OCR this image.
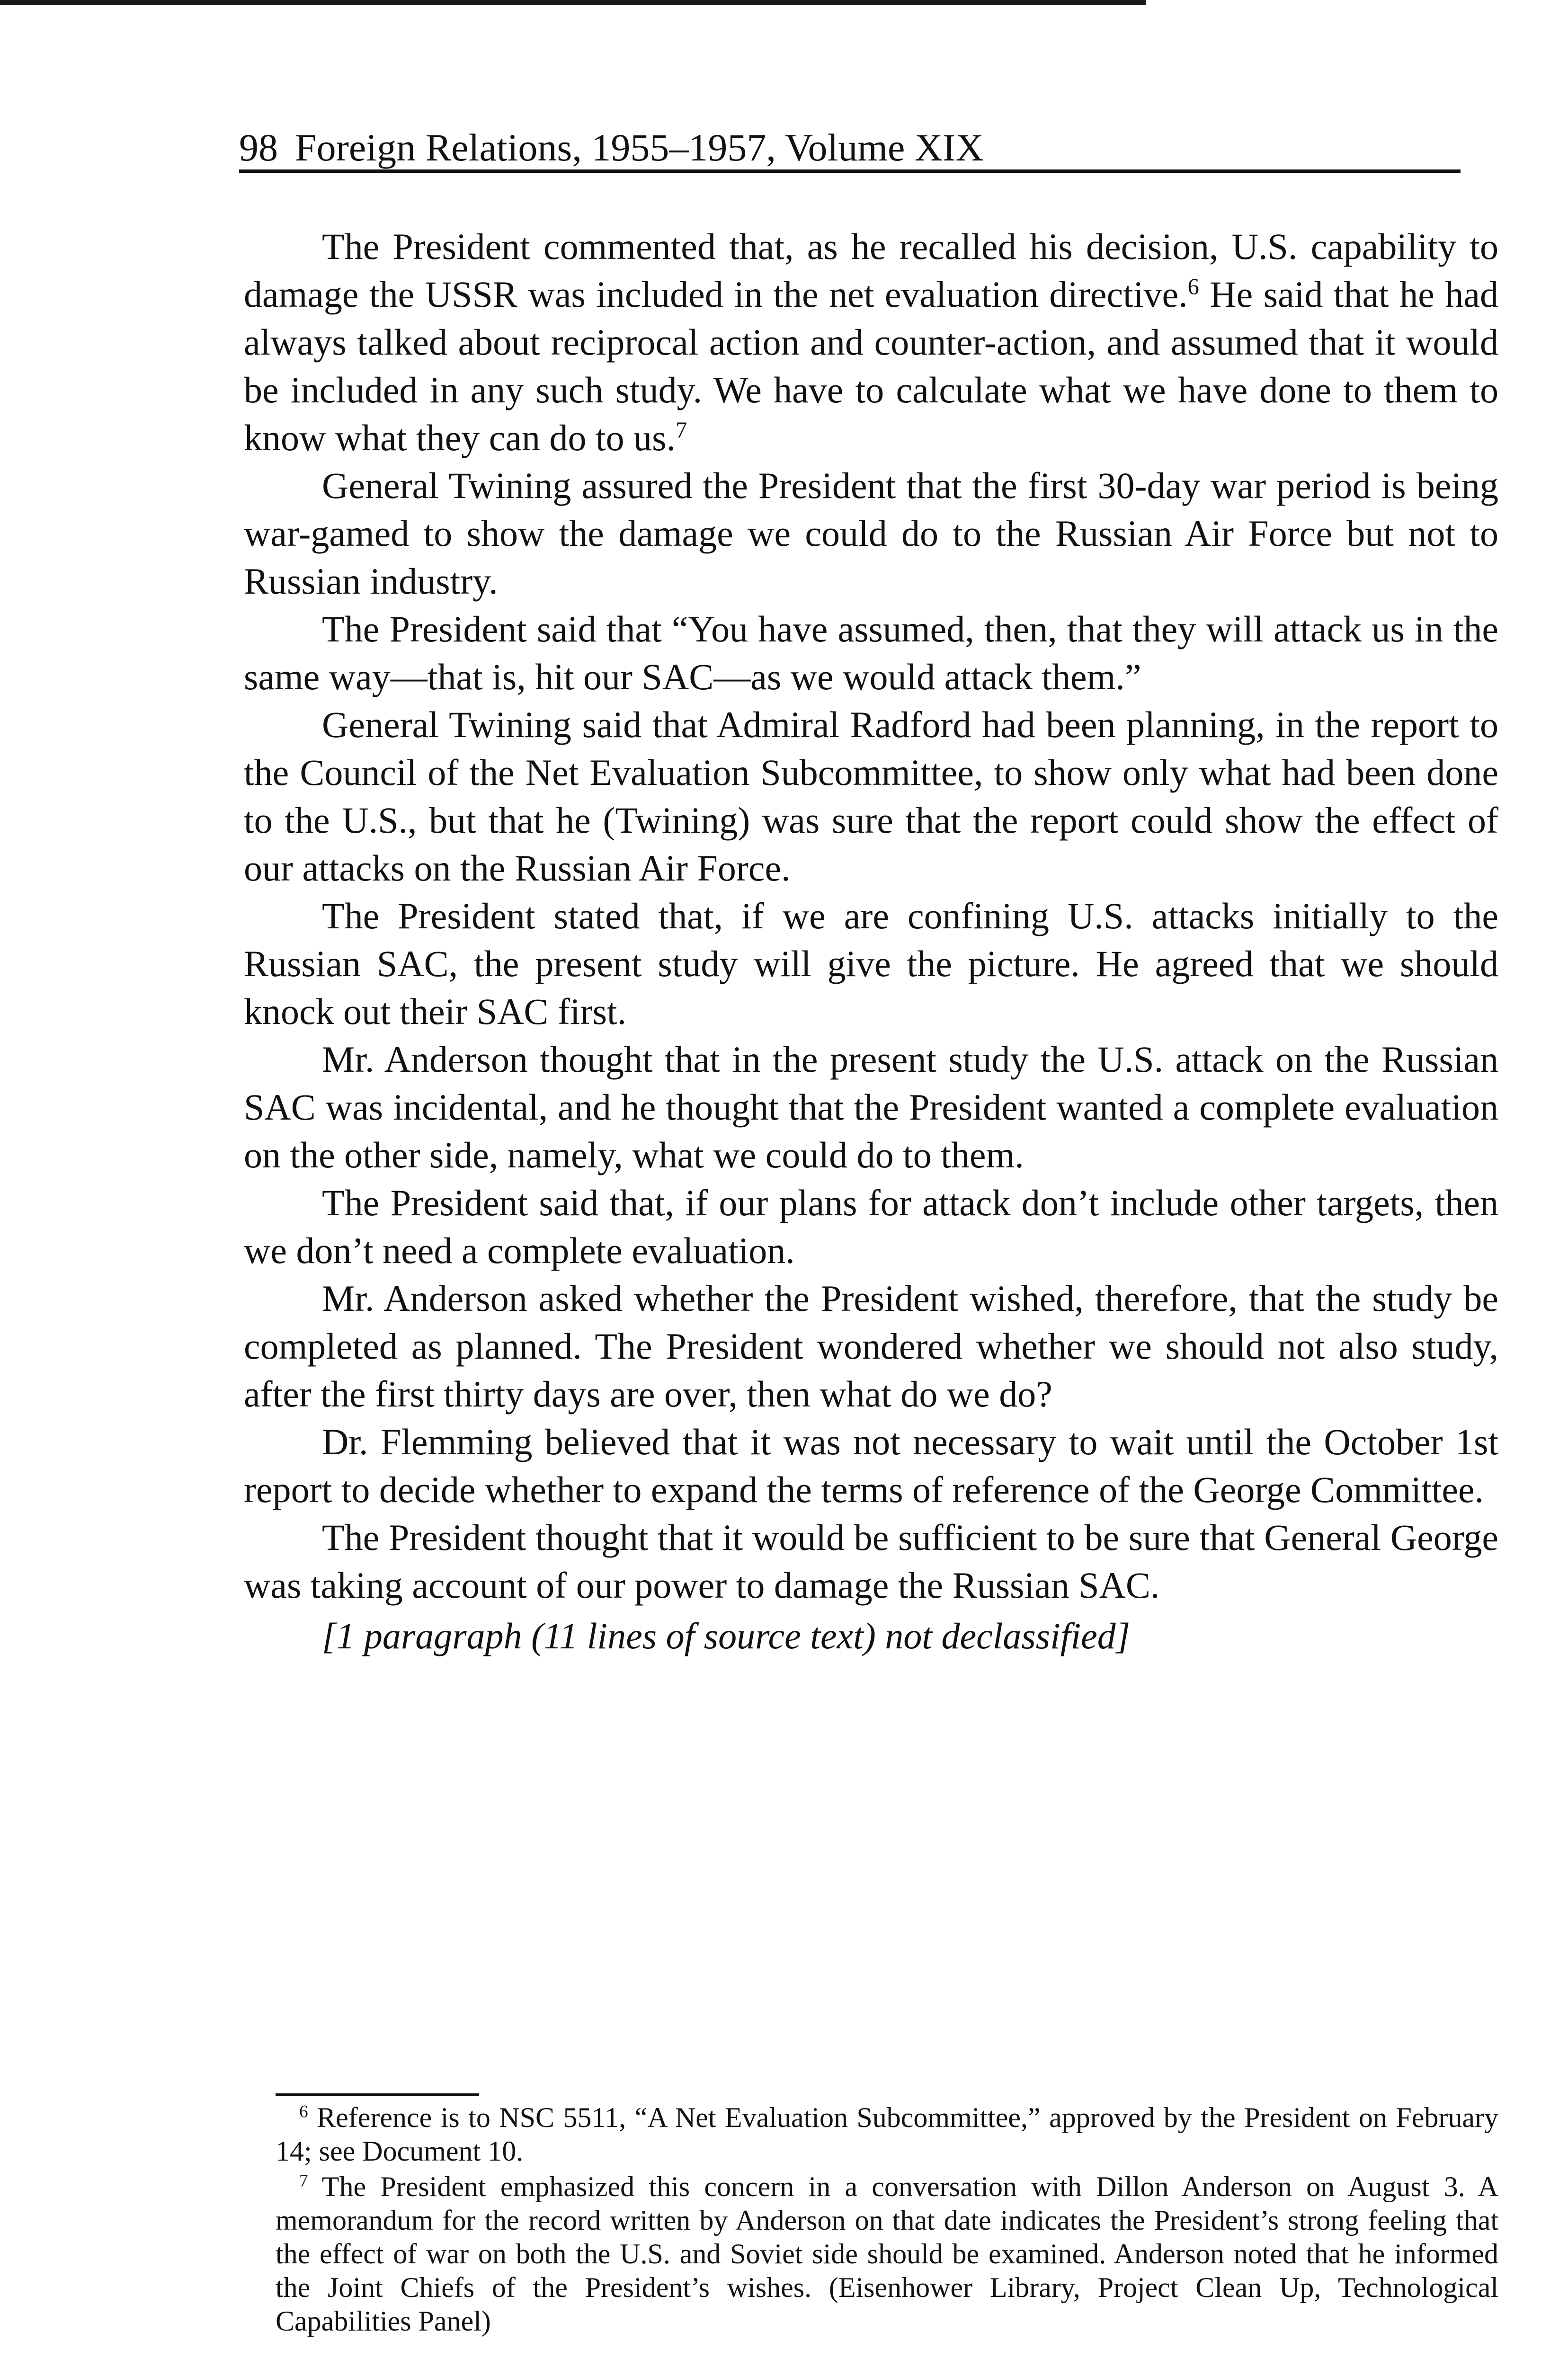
98 Foreign Relations, 1955–1957, Volume XIX

The President commented that, as he recalled his decision, U.S. capability to damage the USSR was included in the net evaluation directive.$^6$ He said that he had always talked about reciprocal action and counter-action, and assumed that it would be included in any such study. We have to calculate what we have done to them to know what they can do to us.$^7$

General Twining assured the President that the first 30-day war period is being war-gamed to show the damage we could do to the Russian Air Force but not to Russian industry.

The President said that “You have assumed, then, that they will attack us in the same way—that is, hit our SAC—as we would attack them.”

General Twining said that Admiral Radford had been planning, in the report to the Council of the Net Evaluation Subcommittee, to show only what had been done to the U.S., but that he (Twining) was sure that the report could show the effect of our attacks on the Russian Air Force.

The President stated that, if we are confining U.S. attacks initially to the Russian SAC, the present study will give the picture. He agreed that we should knock out their SAC first.

Mr. Anderson thought that in the present study the U.S. attack on the Russian SAC was incidental, and he thought that the President wanted a complete evaluation on the other side, namely, what we could do to them.

The President said that, if our plans for attack don’t include other targets, then we don’t need a complete evaluation.

Mr. Anderson asked whether the President wished, therefore, that the study be completed as planned. The President wondered whether we should not also study, after the first thirty days are over, then what do we do?

Dr. Flemming believed that it was not necessary to wait until the October 1st report to decide whether to expand the terms of reference of the George Committee.

The President thought that it would be sufficient to be sure that General George was taking account of our power to damage the Russian SAC.

[1 paragraph (11 lines of source text) not declassified]

$^6$ Reference is to NSC 5511, “A Net Evaluation Subcommittee,” approved by the President on February 14; see Document 10.

$^7$ The President emphasized this concern in a conversation with Dillon Anderson on August 3. A memorandum for the record written by Anderson on that date indicates the President’s strong feeling that the effect of war on both the U.S. and Soviet side should be examined. Anderson noted that he informed the Joint Chiefs of the President’s wishes. (Eisenhower Library, Project Clean Up, Technological Capabilities Panel)
